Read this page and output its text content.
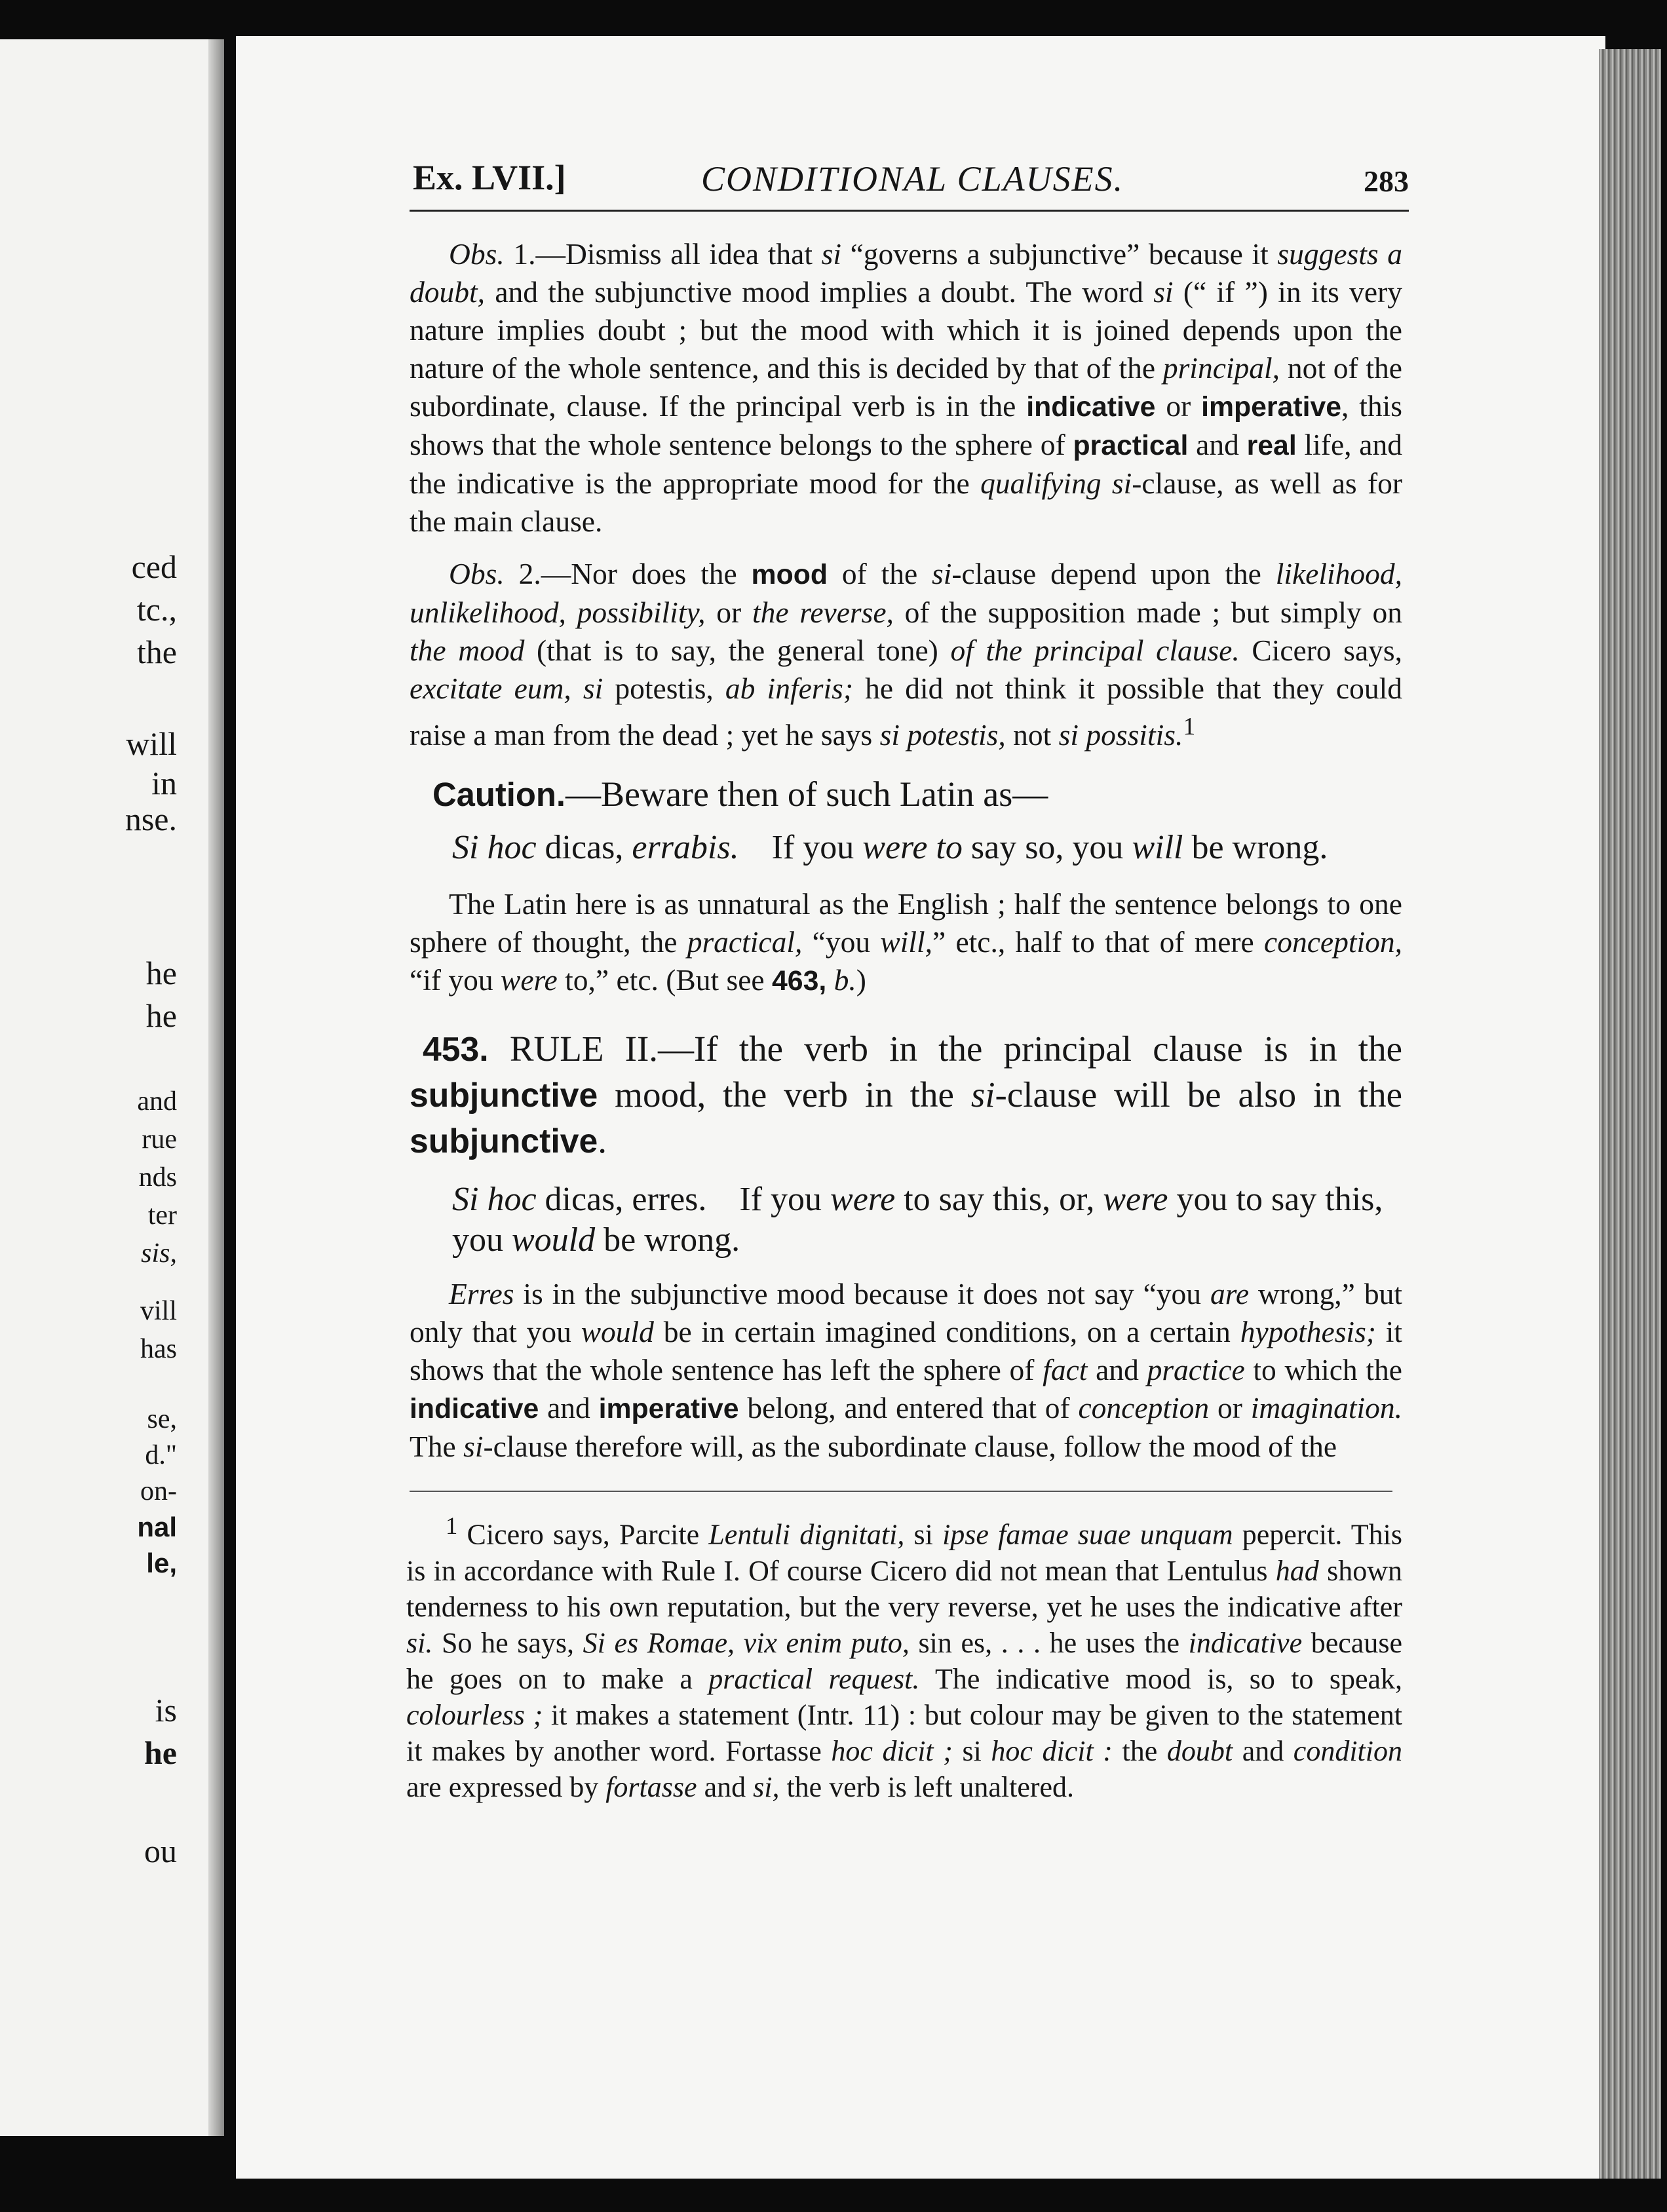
ced
tc.,
the
will
in
nse.
he
he
and
rue
nds
ter
sis,
vill
has
se,
d."
on-
nal
le,
is
he
ou
Ex. LVII.]	CONDITIONAL CLAUSES.	283

Obs. 1.—Dismiss all idea that si “governs a subjunctive” because it suggests a doubt, and the subjunctive mood implies a doubt. The word si (“ if ”) in its very nature implies doubt ; but the mood with which it is joined depends upon the nature of the whole sentence, and this is decided by that of the principal, not of the subordinate, clause. If the principal verb is in the indicative or imperative, this shows that the whole sentence belongs to the sphere of practical and real life, and the indicative is the appropriate mood for the qualifying si-clause, as well as for the main clause.

Obs. 2.—Nor does the mood of the si-clause depend upon the likelihood, unlikelihood, possibility, or the reverse, of the supposition made ; but simply on the mood (that is to say, the general tone) of the principal clause. Cicero says, excitate eum, si potestis, ab inferis; he did not think it possible that they could raise a man from the dead ; yet he says si potestis, not si possitis.$^1$

Caution.—Beware then of such Latin as—

Si hoc dicas, errabis. If you were to say so, you will be wrong.

The Latin here is as unnatural as the English ; half the sentence belongs to one sphere of thought, the practical, “you will,” etc., half to that of mere conception, “if you were to,” etc. (But see 463, b.)

453. RULE II.—If the verb in the principal clause is in the subjunctive mood, the verb in the si-clause will be also in the subjunctive.

Si hoc dicas, erres. If you were to say this, or, were you to say this, you would be wrong.

Erres is in the subjunctive mood because it does not say “you are wrong,” but only that you would be in certain imagined conditions, on a certain hypothesis; it shows that the whole sentence has left the sphere of fact and practice to which the indicative and imperative belong, and entered that of conception or imagination. The si-clause therefore will, as the subordinate clause, follow the mood of the

$^1$ Cicero says, Parcite Lentuli dignitati, si ipse famae suae unquam pepercit. This is in accordance with Rule I. Of course Cicero did not mean that Lentulus had shown tenderness to his own reputation, but the very reverse, yet he uses the indicative after si. So he says, Si es Romae, vix enim puto, sin es, . . . he uses the indicative because he goes on to make a practical request. The indicative mood is, so to speak, colourless ; it makes a statement (Intr. 11) : but colour may be given to the statement it makes by another word. Fortasse hoc dicit ; si hoc dicit : the doubt and condition are expressed by fortasse and si, the verb is left unaltered.
